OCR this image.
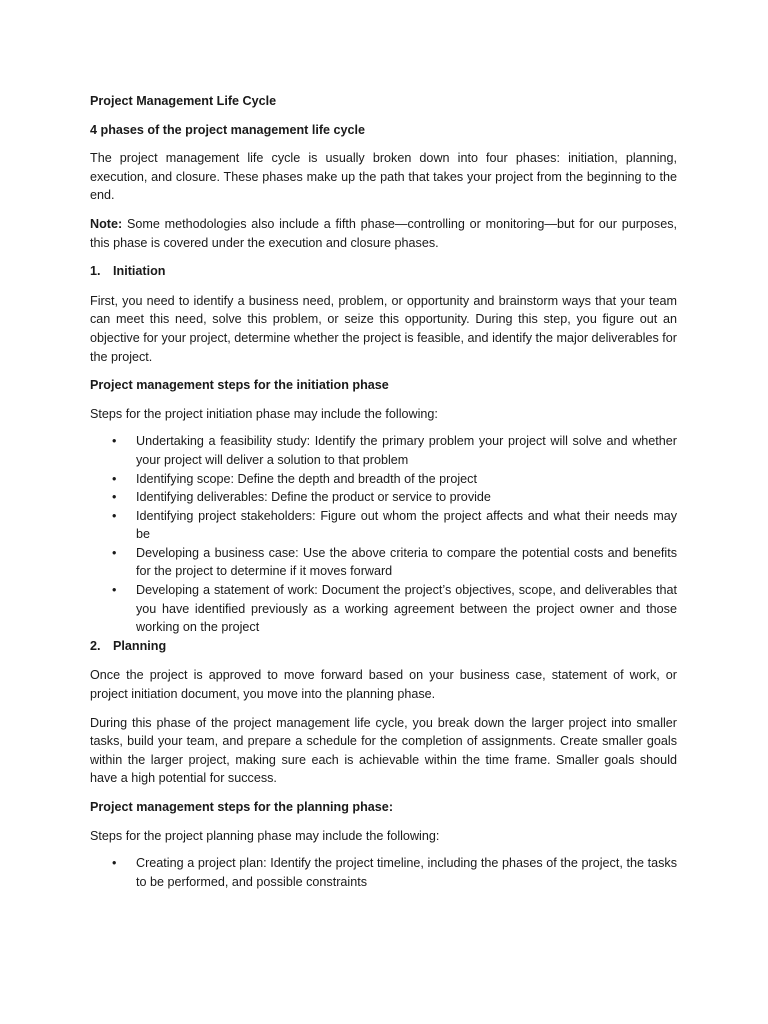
Project Management Life Cycle
4 phases of the project management life cycle

The project management life cycle is usually broken down into four phases: initiation, planning, execution, and closure. These phases make up the path that takes your project from the beginning to the end.

Note: Some methodologies also include a fifth phase—controlling or monitoring—but for our purposes, this phase is covered under the execution and closure phases.

1. Initiation

First, you need to identify a business need, problem, or opportunity and brainstorm ways that your team can meet this need, solve this problem, or seize this opportunity. During this step, you figure out an objective for your project, determine whether the project is feasible, and identify the major deliverables for the project.

Project management steps for the initiation phase

Steps for the project initiation phase may include the following:

• Undertaking a feasibility study: Identify the primary problem your project will solve and whether your project will deliver a solution to that problem
• Identifying scope: Define the depth and breadth of the project
• Identifying deliverables: Define the product or service to provide
• Identifying project stakeholders: Figure out whom the project affects and what their needs may be
• Developing a business case: Use the above criteria to compare the potential costs and benefits for the project to determine if it moves forward
• Developing a statement of work: Document the project’s objectives, scope, and deliverables that you have identified previously as a working agreement between the project owner and those working on the project
2. Planning

Once the project is approved to move forward based on your business case, statement of work, or project initiation document, you move into the planning phase.

During this phase of the project management life cycle, you break down the larger project into smaller tasks, build your team, and prepare a schedule for the completion of assignments. Create smaller goals within the larger project, making sure each is achievable within the time frame. Smaller goals should have a high potential for success.

Project management steps for the planning phase:

Steps for the project planning phase may include the following:

• Creating a project plan: Identify the project timeline, including the phases of the project, the tasks to be performed, and possible constraints
